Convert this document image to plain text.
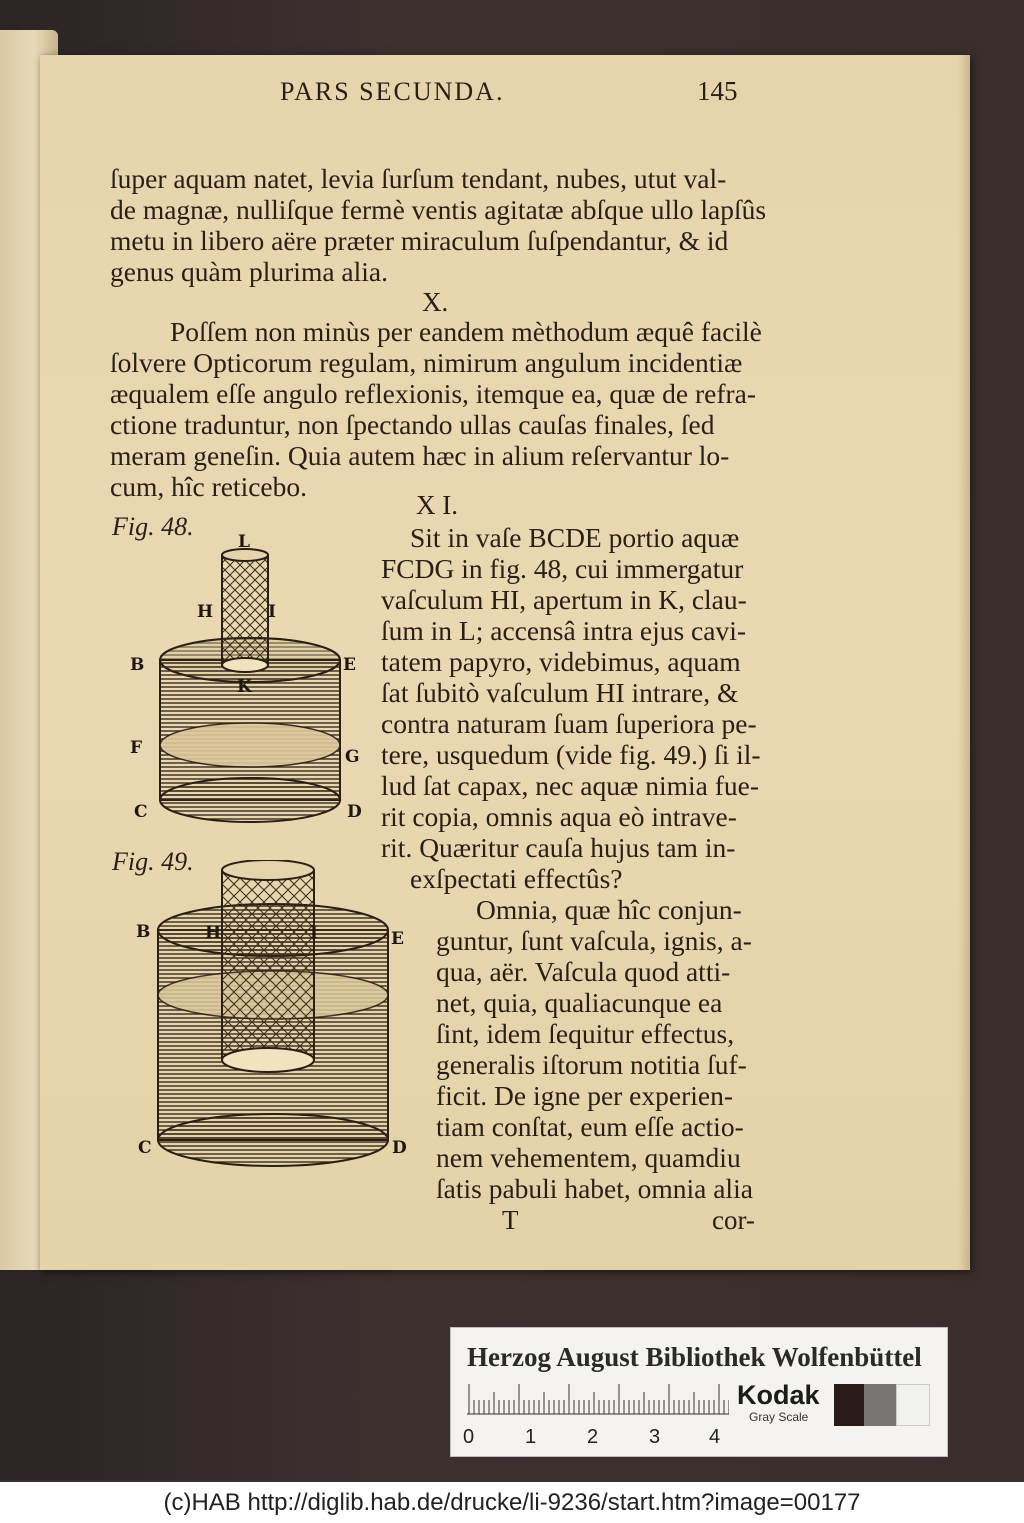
PARS SECUNDA.	145
ſuper aquam natet, levia ſurſum tendant, nubes, utut val-
de magnæ, nulliſque fermè ventis agitatæ abſque ullo lapſûs
metu in libero aëre præter miraculum ſuſpendantur, & id
genus quàm plurima alia.
X.
Poſſem non minùs per eandem mèthodum æquê facilè
ſolvere Opticorum regulam, nimirum angulum incidentiæ
æqualem eſſe angulo reflexionis, itemque ea, quæ de refra-
ctione traduntur, non ſpectando ullas cauſas finales, ſed
meram geneſin. Quia autem hæc in alium reſervantur lo-
cum, hîc reticebo.
X I.
Sit in vaſe BCDE portio aquæ
FCDG in fig. 48, cui immergatur
vaſculum HI, apertum in K, clau-
ſum in L; accensâ intra ejus cavi-
tatem papyro, videbimus, aquam
ſat ſubitò vaſculum HI intrare, &
contra naturam ſuam ſuperiora pe-
tere, usquedum (vide fig. 49.) ſi il-
lud ſat capax, nec aquæ nimia fue-
rit copia, omnis aqua eò intrave-
rit. Quæritur cauſa hujus tam in-
exſpectati effectûs?
Omnia, quæ hîc conjun-
guntur, ſunt vaſcula, ignis, a-
qua, aër. Vaſcula quod atti-
net, quia, qualiacunque ea
ſint, idem ſequitur effectus,
generalis iſtorum notitia ſuf-
ficit. De igne per experien-
tiam conſtat, eum eſſe actio-
nem vehementem, quamdiu
ſatis pabuli habet, omnia alia
T	cor-
Fig. 48.
L
H	I
B	E
K
F	G
C	D
Fig. 49.
B	H	I	E
C	D
Herzog August Bibliothek Wolfenbüttel
0	1	2	3 4
Kodak
Gray Scale
(c)HAB http://diglib.hab.de/drucke/li-9236/start.htm?image=00177
